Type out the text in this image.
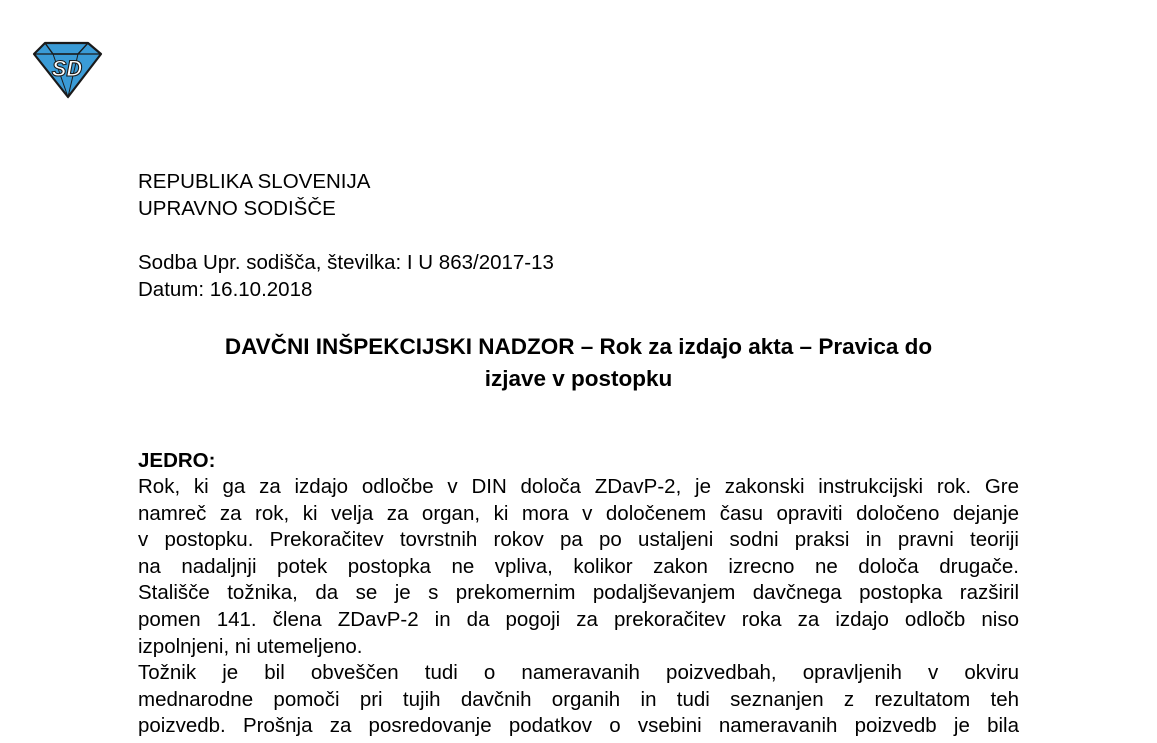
SD
REPUBLIKA SLOVENIJA
UPRAVNO SODIŠČE
Sodba Upr. sodišča, številka: I U 863/2017-13
Datum: 16.10.2018
DAVČNI INŠPEKCIJSKI NADZOR – Rok za izdajo akta – Pravica do
izjave v postopku
JEDRO:
Rok, ki ga za izdajo odločbe v DIN določa ZDavP-2, je zakonski instrukcijski rok. Gre
namreč za rok, ki velja za organ, ki mora v določenem času opraviti določeno dejanje
v postopku. Prekoračitev tovrstnih rokov pa po ustaljeni sodni praksi in pravni teoriji
na nadaljnji potek postopka ne vpliva, kolikor zakon izrecno ne določa drugače.
Stališče tožnika, da se je s prekomernim podaljševanjem davčnega postopka razširil
pomen 141. člena ZDavP-2 in da pogoji za prekoračitev roka za izdajo odločb niso
izpolnjeni, ni utemeljeno.
Tožnik je bil obveščen tudi o nameravanih poizvedbah, opravljenih v okviru
mednarodne pomoči pri tujih davčnih organih in tudi seznanjen z rezultatom teh
poizvedb. Prošnja za posredovanje podatkov o vsebini nameravanih poizvedb je bila
